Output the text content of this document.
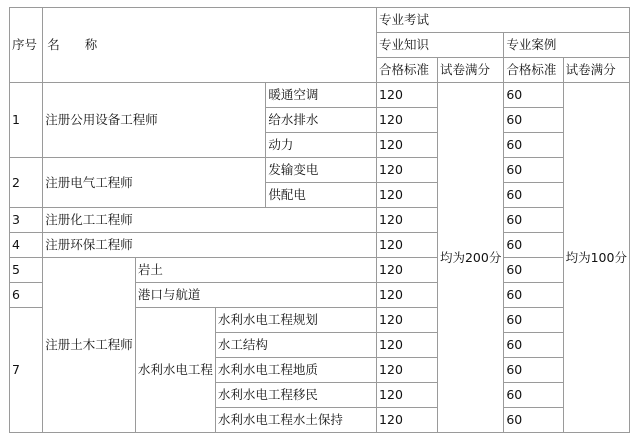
序号	名　　称				专业考试			
					专业知识		专业案例	
					合格标准	试卷满分	合格标准	试卷满分
1	注册公用设备工程师			暖通空调	120	均为200分	60	均为100分
				给水排水	120		60	
				动力	120		60	
2	注册电气工程师			发输变电	120		60	
				供配电	120		60	
3	注册化工工程师				120		60	
4	注册环保工程师				120		60	
5	注册土木工程师	岩土			120		60	
6		港口与航道			120		60	
7		水利水电工程	水利水电工程规划		120		60	
			水工结构		120		60	
			水利水电工程地质		120		60	
			水利水电工程移民		120		60	
			水利水电工程水土保持		120		60	
